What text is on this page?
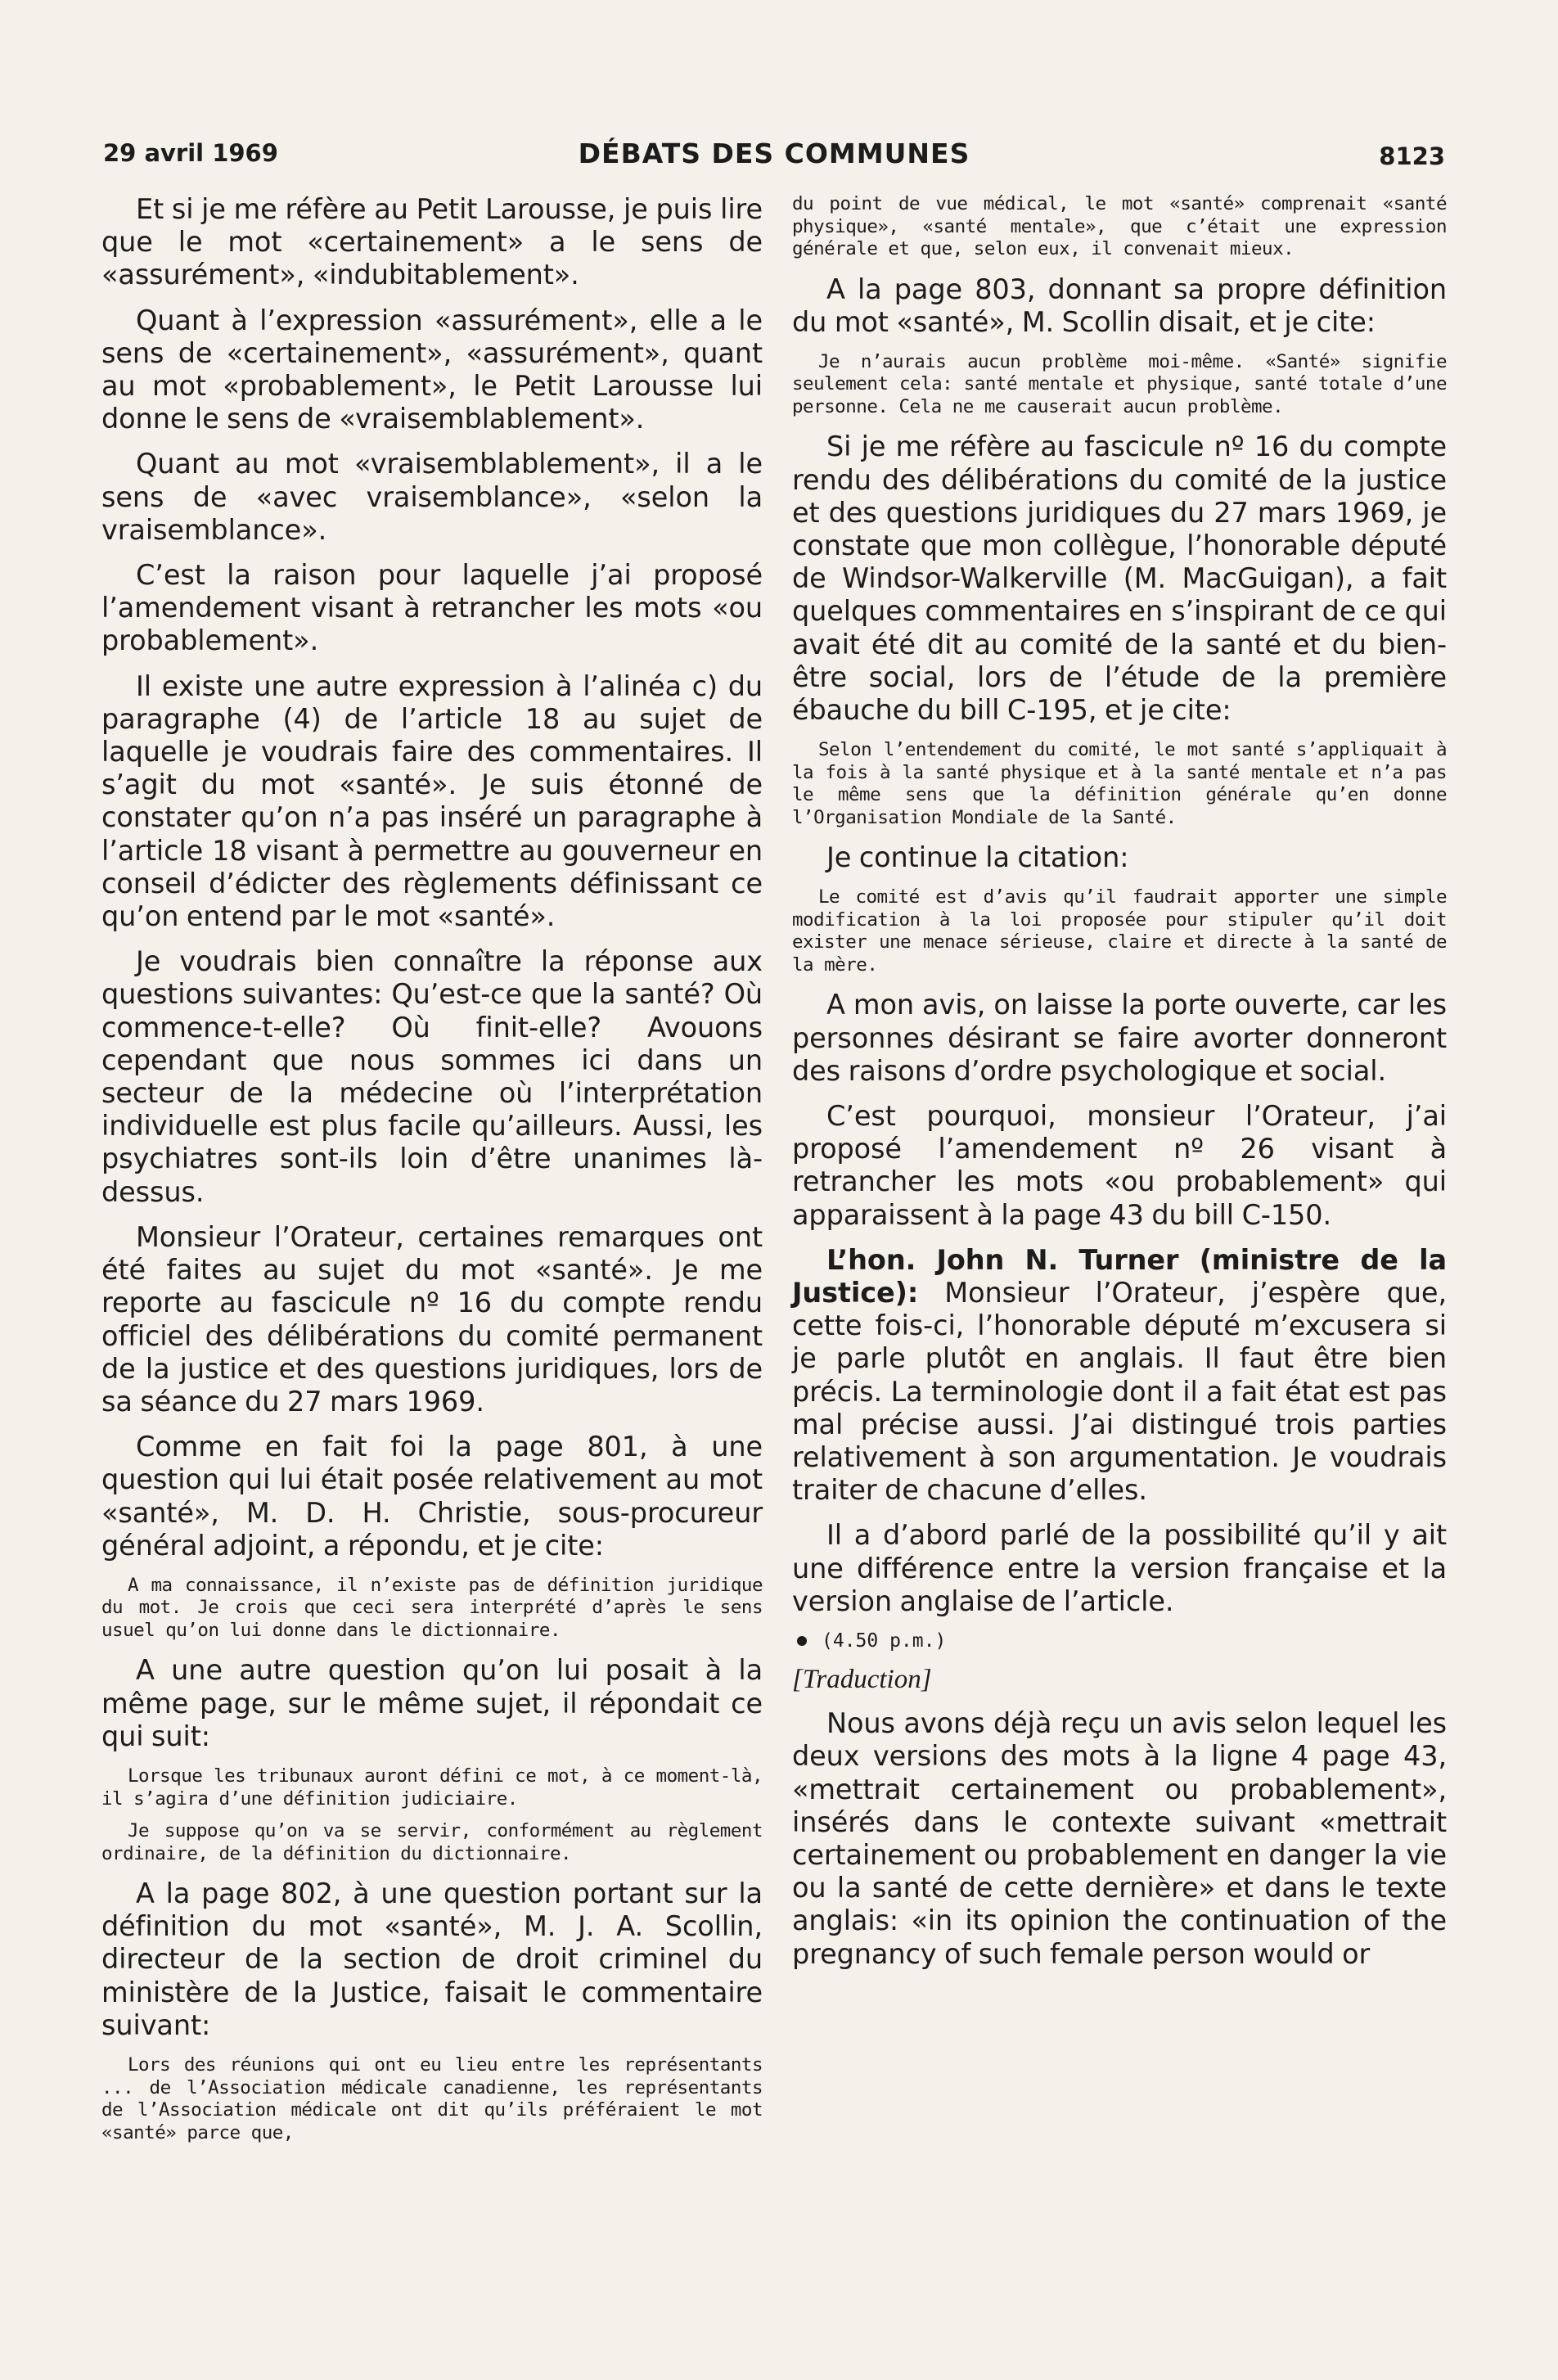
29 avril 1969	DÉBATS DES COMMUNES	8123

Et si je me réfère au Petit Larousse, je puis lire que le mot «certainement» a le sens de «assurément», «indubitablement».

Quant à l’expression «assurément», elle a le sens de «certainement», «assurément», quant au mot «probablement», le Petit Larousse lui donne le sens de «vraisemblablement».

Quant au mot «vraisemblablement», il a le sens de «avec vraisemblance», «selon la vraisemblance».

C’est la raison pour laquelle j’ai proposé l’amendement visant à retrancher les mots «ou probablement».

Il existe une autre expression à l’alinéa c) du paragraphe (4) de l’article 18 au sujet de laquelle je voudrais faire des commentaires. Il s’agit du mot «santé». Je suis étonné de constater qu’on n’a pas inséré un paragraphe à l’article 18 visant à permettre au gouverneur en conseil d’édicter des règlements définissant ce qu’on entend par le mot «santé».

Je voudrais bien connaître la réponse aux questions suivantes: Qu’est-ce que la santé? Où commence-t-elle? Où finit-elle? Avouons cependant que nous sommes ici dans un secteur de la médecine où l’interprétation individuelle est plus facile qu’ailleurs. Aussi, les psychiatres sont-ils loin d’être unanimes là-dessus.

Monsieur l’Orateur, certaines remarques ont été faites au sujet du mot «santé». Je me reporte au fascicule nº 16 du compte rendu officiel des délibérations du comité permanent de la justice et des questions juridiques, lors de sa séance du 27 mars 1969.

Comme en fait foi la page 801, à une question qui lui était posée relativement au mot «santé», M. D. H. Christie, sous-procureur général adjoint, a répondu, et je cite:

A ma connaissance, il n’existe pas de définition juridique du mot. Je crois que ceci sera interprété d’après le sens usuel qu’on lui donne dans le dictionnaire.

A une autre question qu’on lui posait à la même page, sur le même sujet, il répondait ce qui suit:

Lorsque les tribunaux auront défini ce mot, à ce moment-là, il s’agira d’une définition judiciaire.
Je suppose qu’on va se servir, conformément au règlement ordinaire, de la définition du dictionnaire.

A la page 802, à une question portant sur la définition du mot «santé», M. J. A. Scollin, directeur de la section de droit criminel du ministère de la Justice, faisait le commentaire suivant:

Lors des réunions qui ont eu lieu entre les représentants ... de l’Association médicale canadienne, les représentants de l’Association médicale ont dit qu’ils préféraient le mot «santé» parce que,
du point de vue médical, le mot «santé» comprenait «santé physique», «santé mentale», que c’était une expression générale et que, selon eux, il convenait mieux.

A la page 803, donnant sa propre définition du mot «santé», M. Scollin disait, et je cite:

Je n’aurais aucun problème moi-même. «Santé» signifie seulement cela: santé mentale et physique, santé totale d’une personne. Cela ne me causerait aucun problème.

Si je me réfère au fascicule nº 16 du compte rendu des délibérations du comité de la justice et des questions juridiques du 27 mars 1969, je constate que mon collègue, l’honorable député de Windsor-Walkerville (M. MacGuigan), a fait quelques commentaires en s’inspirant de ce qui avait été dit au comité de la santé et du bien-être social, lors de l’étude de la première ébauche du bill C-195, et je cite:

Selon l’entendement du comité, le mot santé s’appliquait à la fois à la santé physique et à la santé mentale et n’a pas le même sens que la définition générale qu’en donne l’Organisation Mondiale de la Santé.

Je continue la citation:

Le comité est d’avis qu’il faudrait apporter une simple modification à la loi proposée pour stipuler qu’il doit exister une menace sérieuse, claire et directe à la santé de la mère.

A mon avis, on laisse la porte ouverte, car les personnes désirant se faire avorter donneront des raisons d’ordre psychologique et social.

C’est pourquoi, monsieur l’Orateur, j’ai proposé l’amendement nº 26 visant à retrancher les mots «ou probablement» qui apparaissent à la page 43 du bill C-150.

L’hon. John N. Turner (ministre de la Justice): Monsieur l’Orateur, j’espère que, cette fois-ci, l’honorable député m’excusera si je parle plutôt en anglais. Il faut être bien précis. La terminologie dont il a fait état est pas mal précise aussi. J’ai distingué trois parties relativement à son argumentation. Je voudrais traiter de chacune d’elles.

Il a d’abord parlé de la possibilité qu’il y ait une différence entre la version française et la version anglaise de l’article.

(4.50 p.m.)
[Traduction]

Nous avons déjà reçu un avis selon lequel les deux versions des mots à la ligne 4 page 43, «mettrait certainement ou probablement», insérés dans le contexte suivant «mettrait certainement ou probablement en danger la vie ou la santé de cette dernière» et dans le texte anglais: «in its opinion the continuation of the pregnancy of such female person would or
